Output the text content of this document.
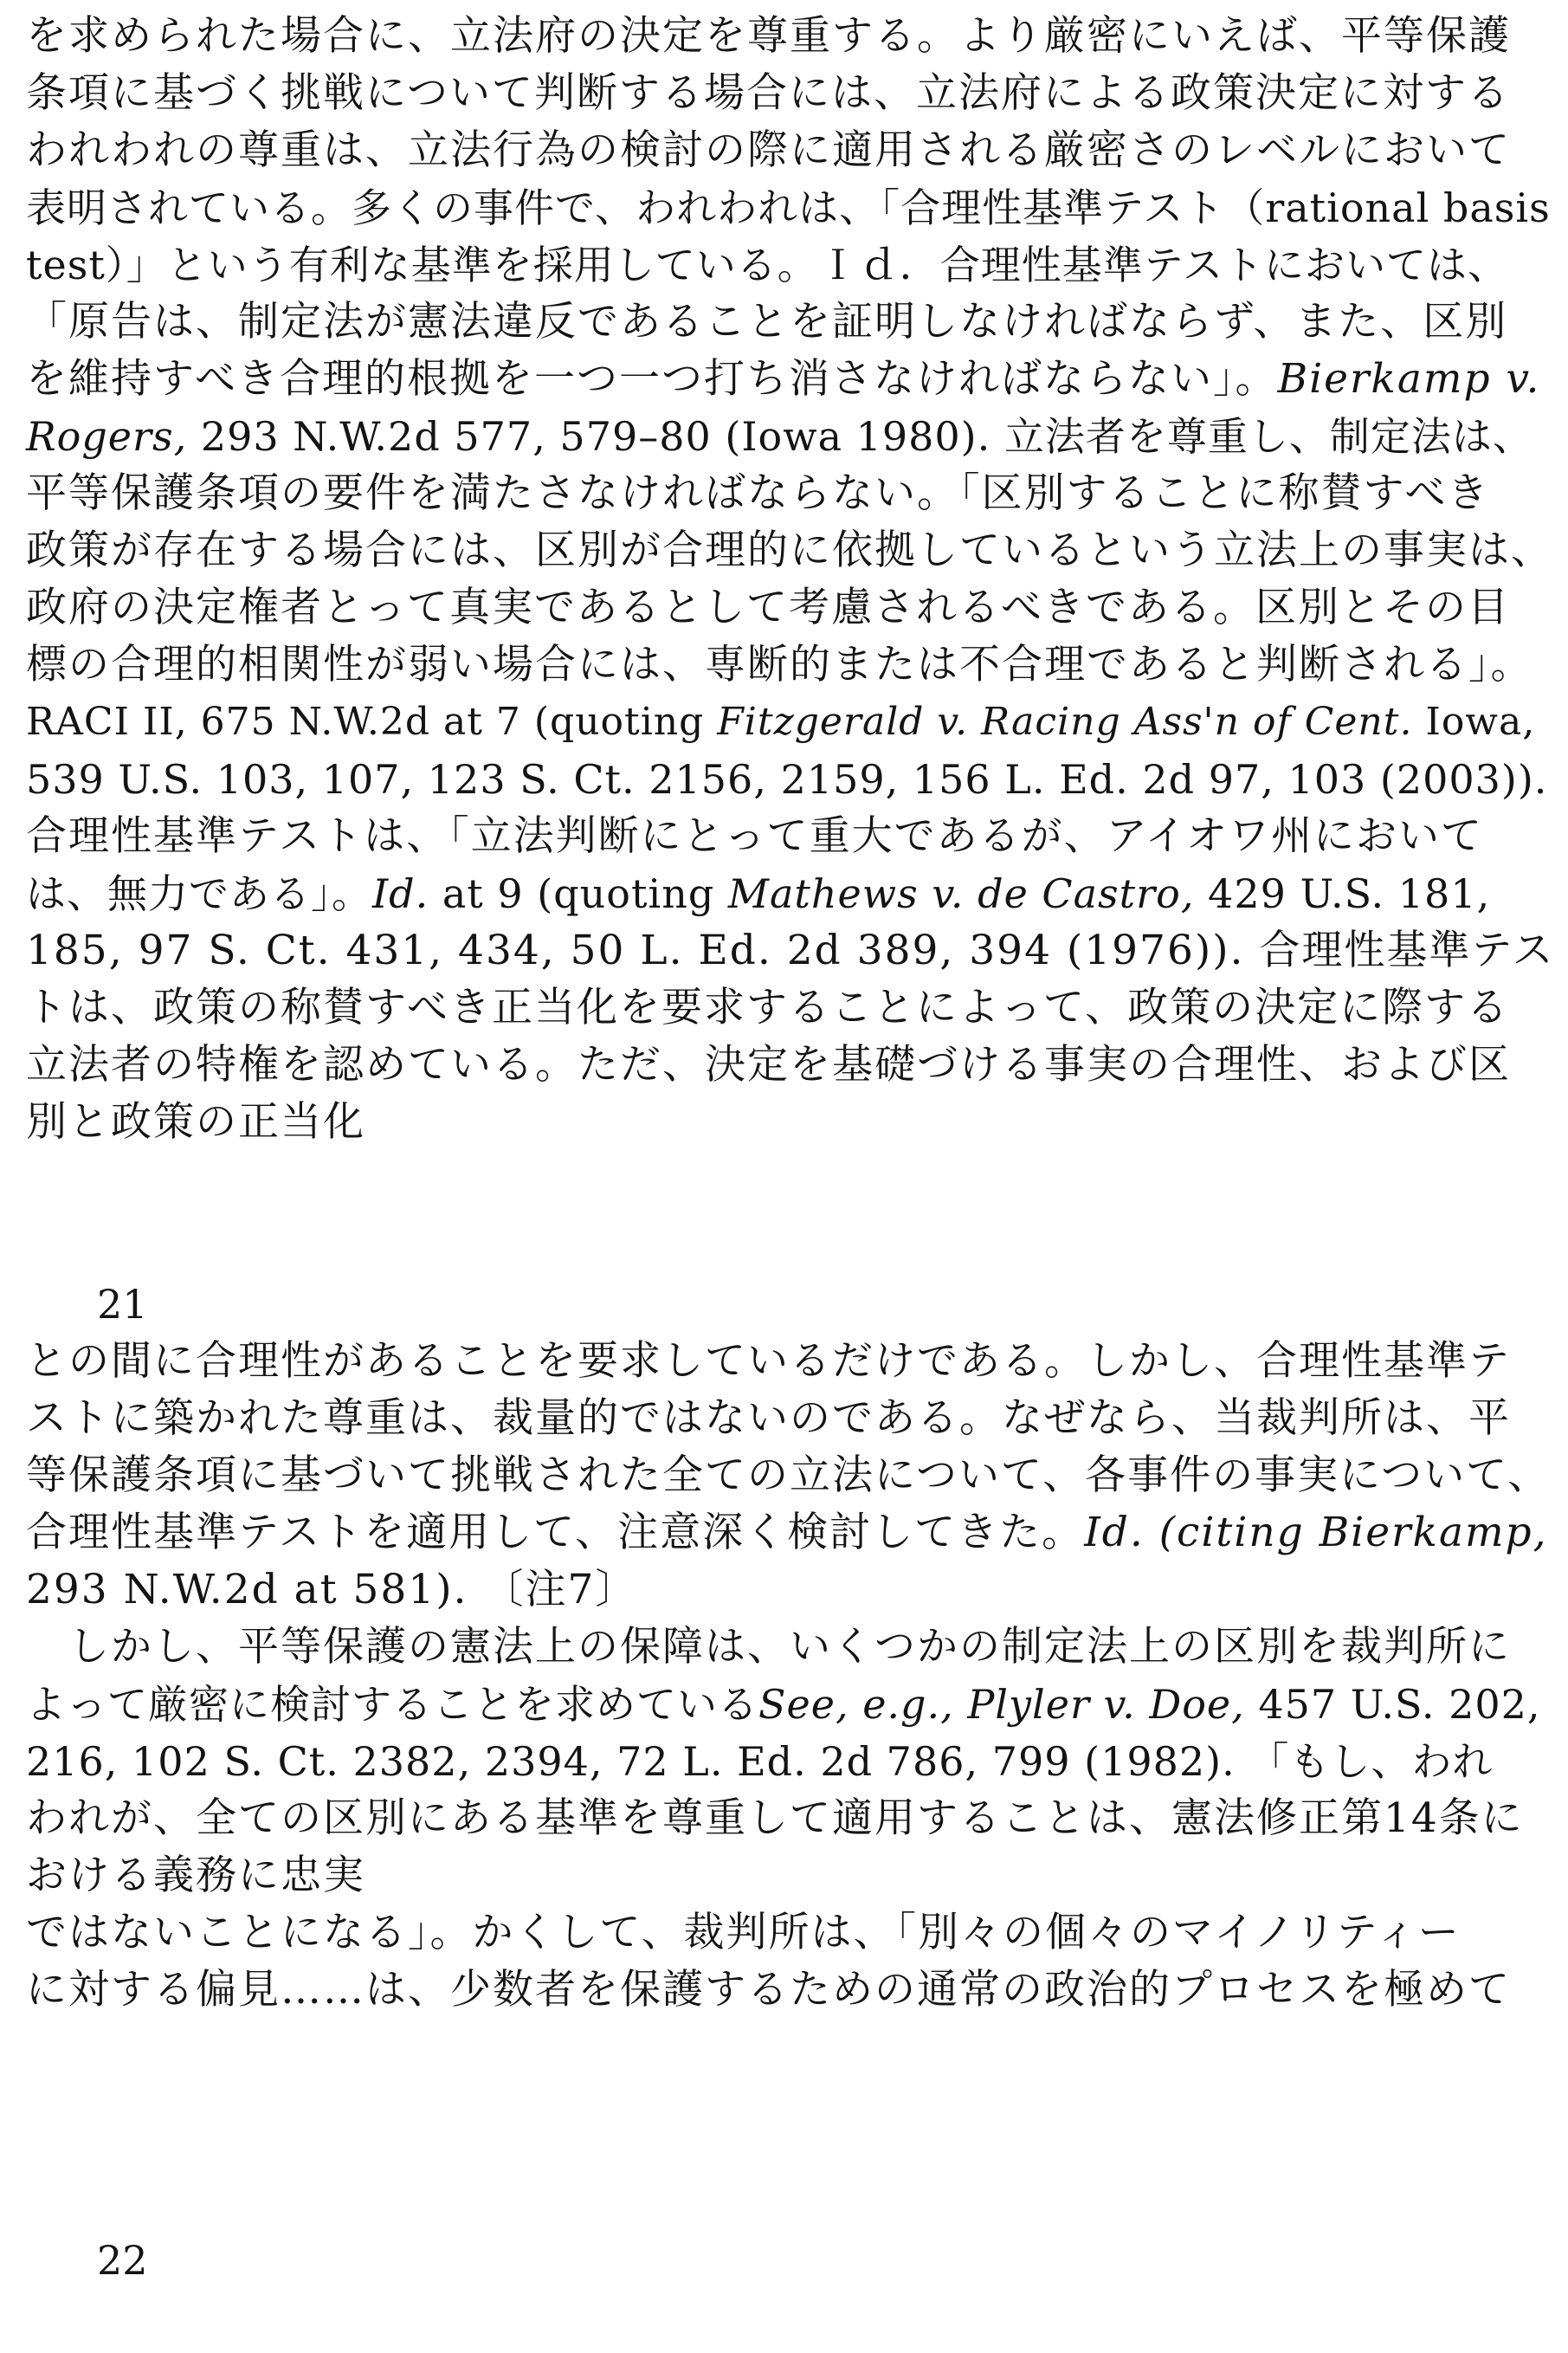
を求められた場合に、立法府の決定を尊重する。より厳密にいえば、平等保護
条項に基づく挑戦について判断する場合には、立法府による政策決定に対する
われわれの尊重は、立法行為の検討の際に適用される厳密さのレベルにおいて
表明されている。多くの事件で、われわれは、「合理性基準テスト（rational basis
test）」という有利な基準を採用している。Ｉｄ．合理性基準テストにおいては、
「原告は、制定法が憲法違反であることを証明しなければならず、また、区別
を維持すべき合理的根拠を一つ一つ打ち消さなければならない」。Bierkamp v.
Rogers, 293 N.W.2d 577, 579–80 (Iowa 1980). 立法者を尊重し、制定法は、
平等保護条項の要件を満たさなければならない。「区別することに称賛すべき
政策が存在する場合には、区別が合理的に依拠しているという立法上の事実は、
政府の決定権者とって真実であるとして考慮されるべきである。区別とその目
標の合理的相関性が弱い場合には、専断的または不合理であると判断される」。
RACI II, 675 N.W.2d at 7 (quoting Fitzgerald v. Racing Ass'n of Cent. Iowa,
539 U.S. 103, 107, 123 S. Ct. 2156, 2159, 156 L. Ed. 2d 97, 103 (2003)).
合理性基準テストは、「立法判断にとって重大であるが、アイオワ州において
は、無力である」。Id. at 9 (quoting Mathews v. de Castro, 429 U.S. 181,
185, 97 S. Ct. 431, 434, 50 L. Ed. 2d 389, 394 (1976)). 合理性基準テス
トは、政策の称賛すべき正当化を要求することによって、政策の決定に際する
立法者の特権を認めている。ただ、決定を基礎づける事実の合理性、および区
別と政策の正当化
21
との間に合理性があることを要求しているだけである。しかし、合理性基準テ
ストに築かれた尊重は、裁量的ではないのである。なぜなら、当裁判所は、平
等保護条項に基づいて挑戦された全ての立法について、各事件の事実について、
合理性基準テストを適用して、注意深く検討してきた。Id. (citing Bierkamp,
293 N.W.2d at 581). 〔注7〕
　しかし、平等保護の憲法上の保障は、いくつかの制定法上の区別を裁判所に
よって厳密に検討することを求めているSee, e.g., Plyler v. Doe, 457 U.S. 202,
216, 102 S. Ct. 2382, 2394, 72 L. Ed. 2d 786, 799 (1982). 「もし、われ
われが、全ての区別にある基準を尊重して適用することは、憲法修正第14条に
おける義務に忠実
ではないことになる」。かくして、裁判所は、「別々の個々のマイノリティー
に対する偏見……は、少数者を保護するための通常の政治的プロセスを極めて
22
